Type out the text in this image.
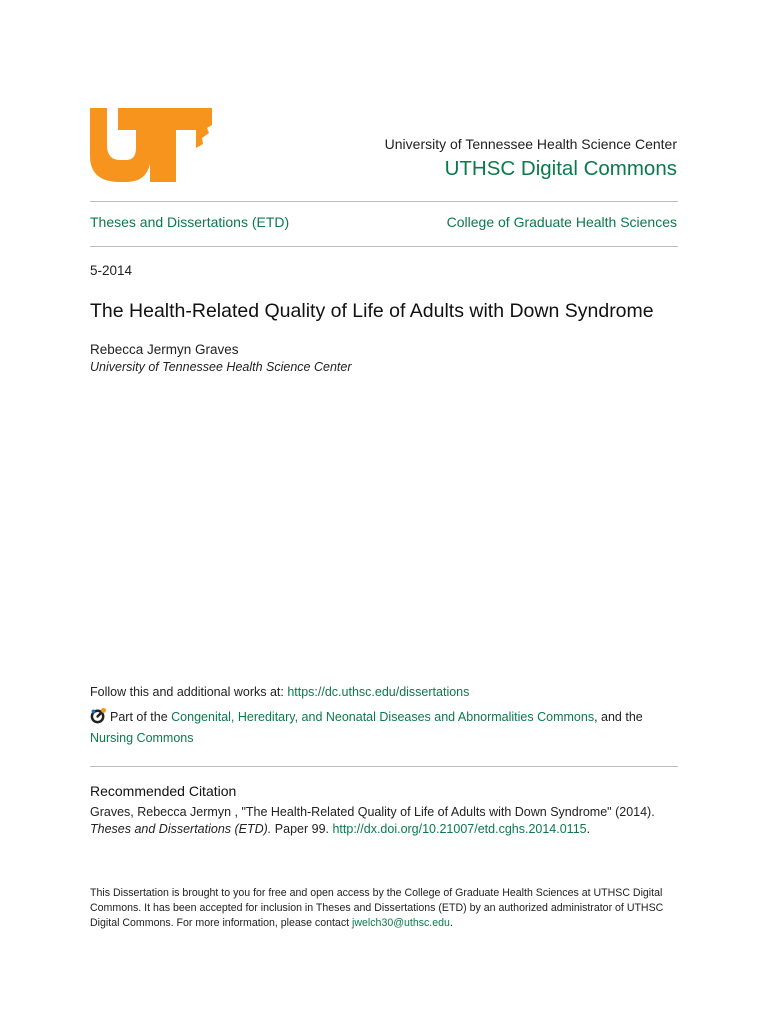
University of Tennessee Health Science Center
UTHSC Digital Commons
Theses and Dissertations (ETD)	College of Graduate Health Sciences
5-2014
The Health-Related Quality of Life of Adults with Down Syndrome
Rebecca Jermyn Graves
University of Tennessee Health Science Center
Follow this and additional works at: https://dc.uthsc.edu/dissertations
Part of the Congenital, Hereditary, and Neonatal Diseases and Abnormalities Commons, and the
Nursing Commons
Recommended Citation
Graves, Rebecca Jermyn , "The Health-Related Quality of Life of Adults with Down Syndrome" (2014).
Theses and Dissertations (ETD). Paper 99. http://dx.doi.org/10.21007/etd.cghs.2014.0115.
This Dissertation is brought to you for free and open access by the College of Graduate Health Sciences at UTHSC Digital Commons. It has been accepted for inclusion in Theses and Dissertations (ETD) by an authorized administrator of UTHSC Digital Commons. For more information, please contact jwelch30@uthsc.edu.
